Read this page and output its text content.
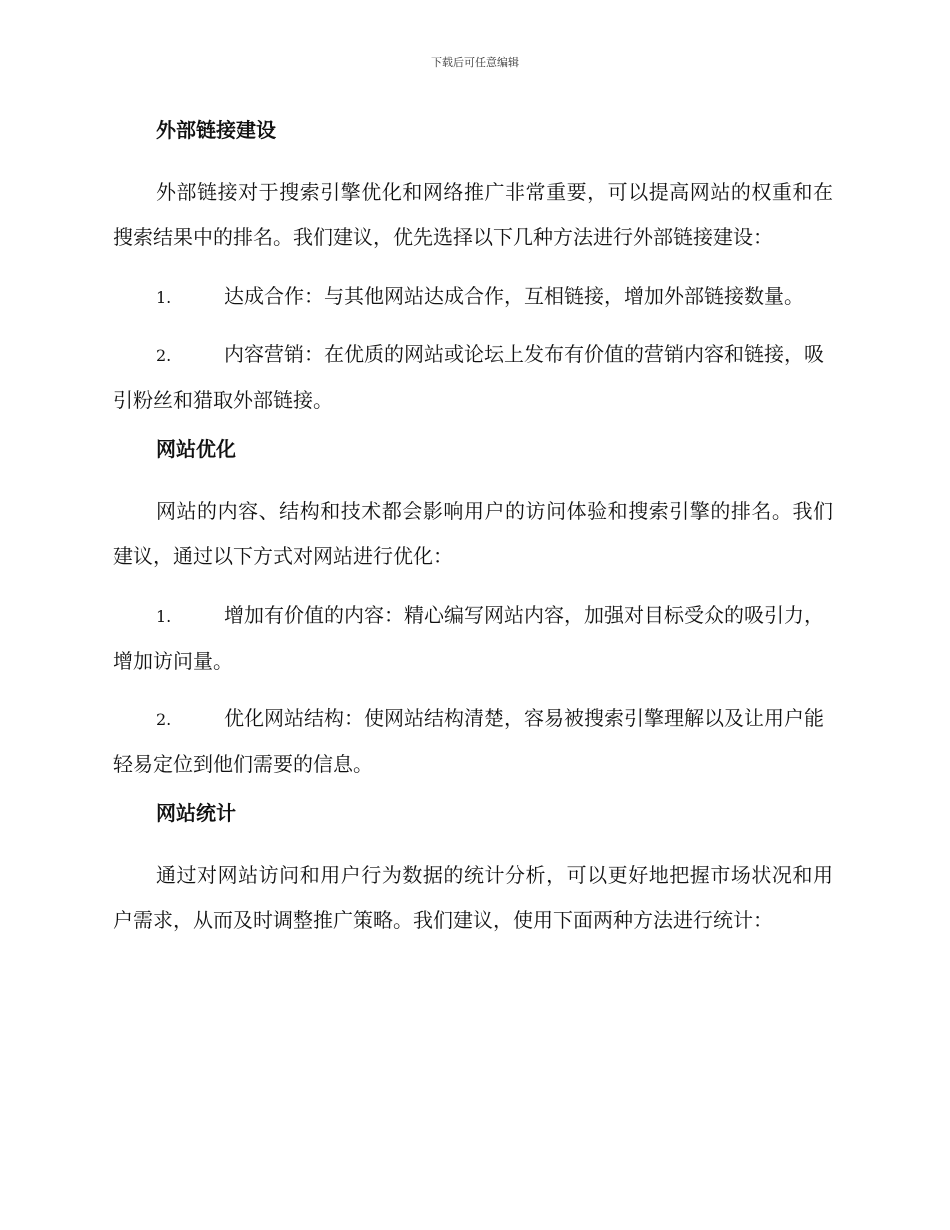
下载后可任意编辑
外部链接建设

外部链接对于搜索引擎优化和网络推广非常重要，可以提高网站的权重和在搜索结果中的排名。我们建议，优先选择以下几种方法进行外部链接建设：

1.	达成合作：与其他网站达成合作，互相链接，增加外部链接数量。
2.	内容营销：在优质的网站或论坛上发布有价值的营销内容和链接，吸引粉丝和猎取外部链接。
网站优化

网站的内容、结构和技术都会影响用户的访问体验和搜索引擎的排名。我们建议，通过以下方式对网站进行优化：

1.	增加有价值的内容：精心编写网站内容，加强对目标受众的吸引力，增加访问量。
2.	优化网站结构：使网站结构清楚，容易被搜索引擎理解以及让用户能轻易定位到他们需要的信息。
网站统计

通过对网站访问和用户行为数据的统计分析，可以更好地把握市场状况和用户需求，从而及时调整推广策略。我们建议，使用下面两种方法进行统计：
